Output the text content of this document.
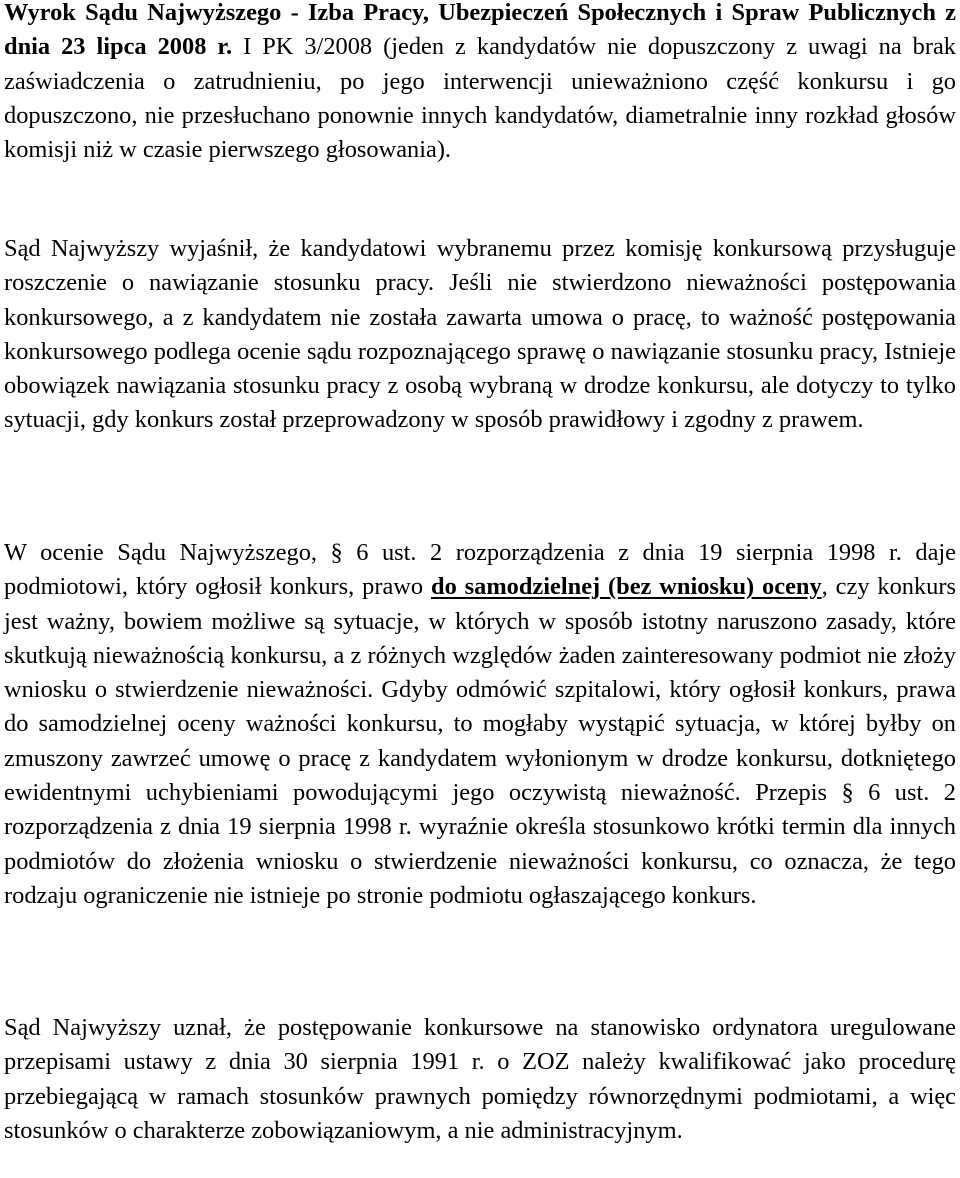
Wyrok Sądu Najwyższego - Izba Pracy, Ubezpieczeń Społecznych i Spraw Publicznych z dnia 23 lipca 2008 r. I PK 3/2008 (jeden z kandydatów nie dopuszczony z uwagi na brak zaświadczenia o zatrudnieniu, po jego interwencji unieważniono część konkursu i go dopuszczono, nie przesłuchano ponownie innych kandydatów, diametralnie inny rozkład głosów komisji niż w czasie pierwszego głosowania).

Sąd Najwyższy wyjaśnił, że kandydatowi wybranemu przez komisję konkursową przysługuje roszczenie o nawiązanie stosunku pracy. Jeśli nie stwierdzono nieważności postępowania konkursowego, a z kandydatem nie została zawarta umowa o pracę, to ważność postępowania konkursowego podlega ocenie sądu rozpoznającego sprawę o nawiązanie stosunku pracy, Istnieje obowiązek nawiązania stosunku pracy z osobą wybraną w drodze konkursu, ale dotyczy to tylko sytuacji, gdy konkurs został przeprowadzony w sposób prawidłowy i zgodny z prawem.

W ocenie Sądu Najwyższego, § 6 ust. 2 rozporządzenia z dnia 19 sierpnia 1998 r. daje podmiotowi, który ogłosił konkurs, prawo do samodzielnej (bez wniosku) oceny, czy konkurs jest ważny, bowiem możliwe są sytuacje, w których w sposób istotny naruszono zasady, które skutkują nieważnością konkursu, a z różnych względów żaden zainteresowany podmiot nie złoży wniosku o stwierdzenie nieważności. Gdyby odmówić szpitalowi, który ogłosił konkurs, prawa do samodzielnej oceny ważności konkursu, to mogłaby wystąpić sytuacja, w której byłby on zmuszony zawrzeć umowę o pracę z kandydatem wyłonionym w drodze konkursu, dotkniętego ewidentnymi uchybieniami powodującymi jego oczywistą nieważność. Przepis § 6 ust. 2 rozporządzenia z dnia 19 sierpnia 1998 r. wyraźnie określa stosunkowo krótki termin dla innych podmiotów do złożenia wniosku o stwierdzenie nieważności konkursu, co oznacza, że tego rodzaju ograniczenie nie istnieje po stronie podmiotu ogłaszającego konkurs.

Sąd Najwyższy uznał, że postępowanie konkursowe na stanowisko ordynatora uregulowane przepisami ustawy z dnia 30 sierpnia 1991 r. o ZOZ należy kwalifikować jako procedurę przebiegającą w ramach stosunków prawnych pomiędzy równorzędnymi podmiotami, a więc stosunków o charakterze zobowiązaniowym, a nie administracyjnym.
